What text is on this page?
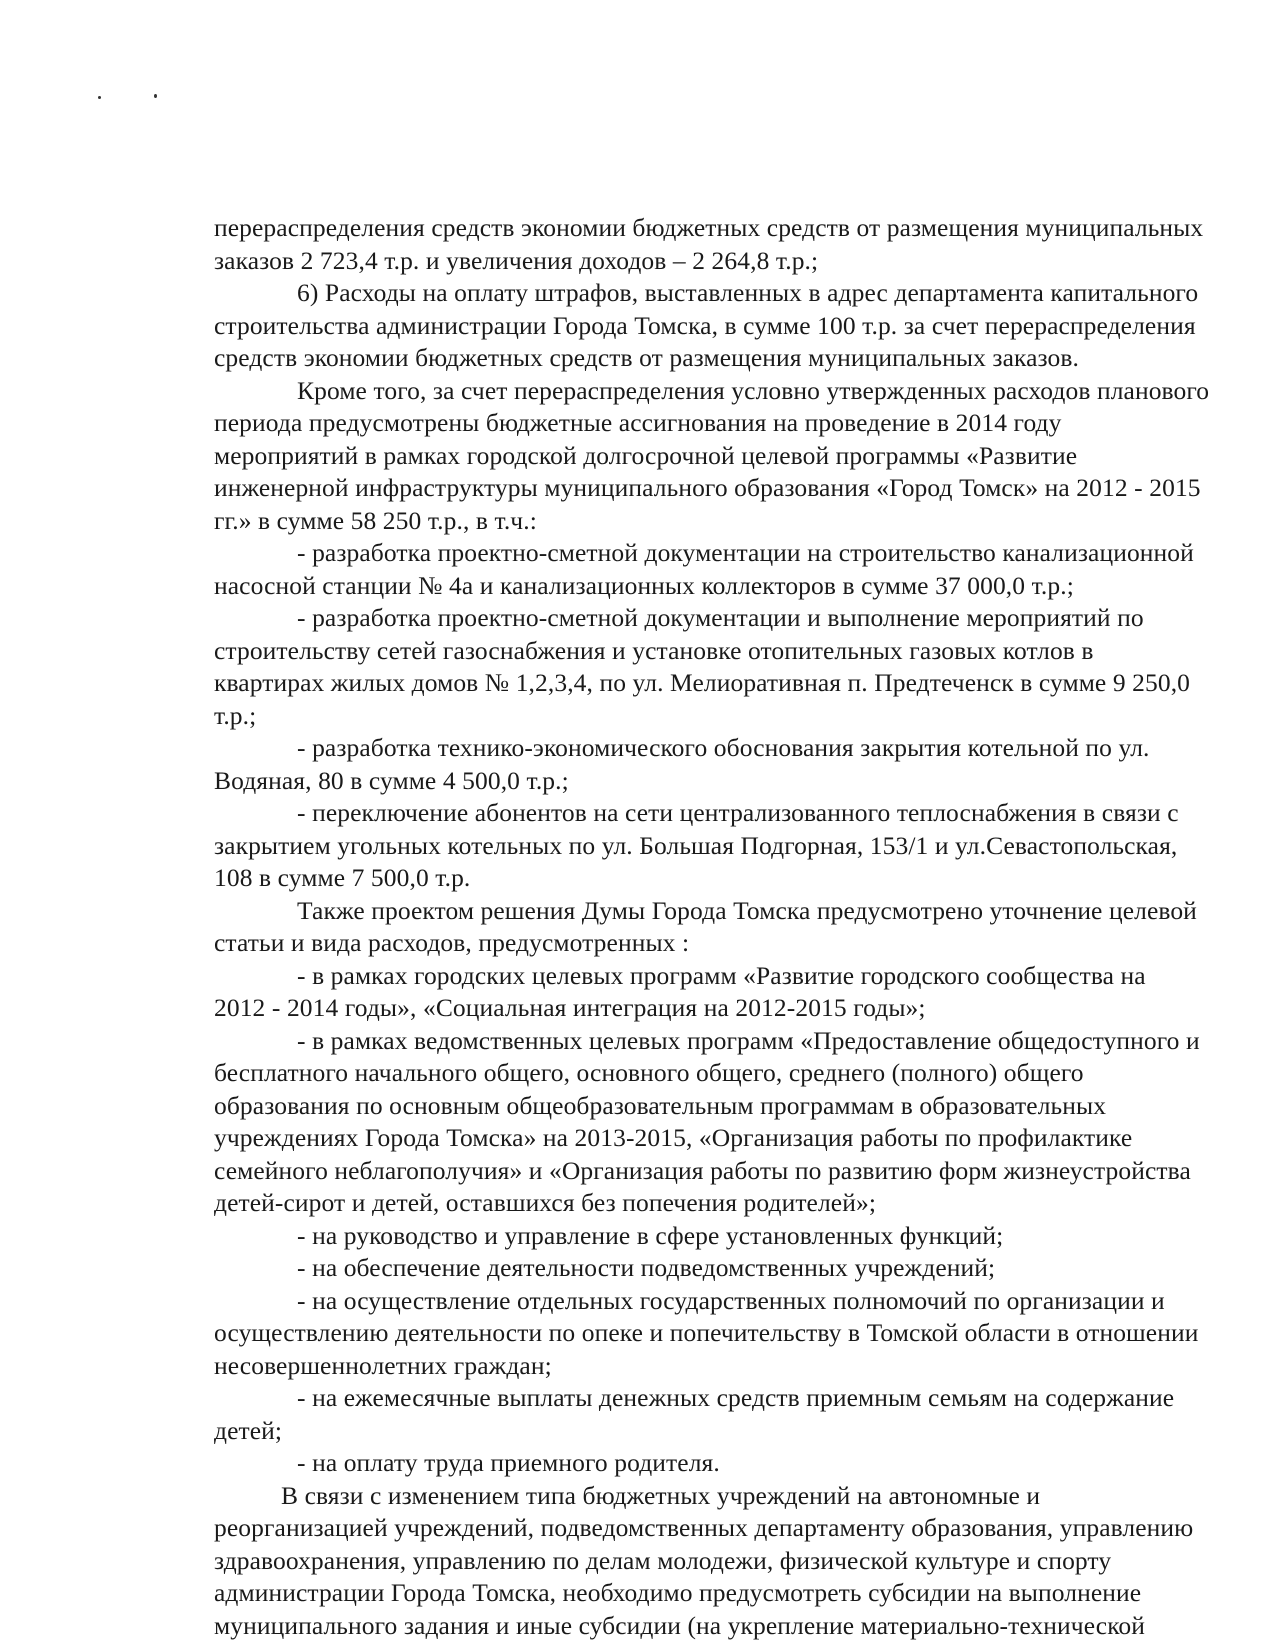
перераспределения средств экономии бюджетных средств от размещения муниципальных
заказов 2 723,4 т.р. и увеличения доходов – 2 264,8 т.р.;
6) Расходы на оплату штрафов, выставленных в адрес департамента капитального
строительства администрации Города Томска, в сумме 100 т.р. за счет перераспределения
средств экономии бюджетных средств от размещения муниципальных заказов.
Кроме того, за счет перераспределения условно утвержденных расходов планового
периода предусмотрены бюджетные ассигнования на проведение в 2014 году
мероприятий в рамках городской долгосрочной целевой программы «Развитие
инженерной инфраструктуры муниципального образования «Город Томск» на 2012 - 2015
гг.» в сумме 58 250 т.р., в т.ч.:
- разработка проектно-сметной документации на строительство канализационной
насосной станции № 4а и канализационных коллекторов в сумме 37 000,0 т.р.;
- разработка проектно-сметной документации и выполнение мероприятий по
строительству сетей газоснабжения и установке отопительных газовых котлов в
квартирах жилых домов № 1,2,3,4, по ул. Мелиоративная п. Предтеченск в сумме 9 250,0
т.р.;
- разработка технико-экономического обоснования закрытия котельной по ул.
Водяная, 80 в сумме 4 500,0 т.р.;
- переключение абонентов на сети централизованного теплоснабжения в связи с
закрытием угольных котельных по ул. Большая Подгорная, 153/1 и ул.Севастопольская,
108 в сумме 7 500,0 т.р.
Также проектом решения Думы Города Томска предусмотрено уточнение целевой
статьи и вида расходов, предусмотренных :
- в рамках городских целевых программ «Развитие городского сообщества на
2012 - 2014 годы», «Социальная интеграция на 2012-2015 годы»;
- в рамках ведомственных целевых программ «Предоставление общедоступного и
бесплатного начального общего, основного общего, среднего (полного) общего
образования по основным общеобразовательным программам в образовательных
учреждениях Города Томска» на 2013-2015, «Организация работы по профилактике
семейного неблагополучия» и «Организация работы по развитию форм жизнеустройства
детей-сирот и детей, оставшихся без попечения родителей»;
- на руководство и управление в сфере установленных функций;
- на обеспечение деятельности подведомственных учреждений;
- на осуществление отдельных государственных полномочий по организации и
осуществлению деятельности по опеке и попечительству в Томской области в отношении
несовершеннолетних граждан;
- на ежемесячные выплаты денежных средств приемным семьям на содержание
детей;
- на оплату труда приемного родителя.
В связи с изменением типа бюджетных учреждений на автономные и
реорганизацией учреждений, подведомственных департаменту образования, управлению
здравоохранения, управлению по делам молодежи, физической культуре и спорту
администрации Города Томска, необходимо предусмотреть субсидии на выполнение
муниципального задания и иные субсидии (на укрепление материально-технической
